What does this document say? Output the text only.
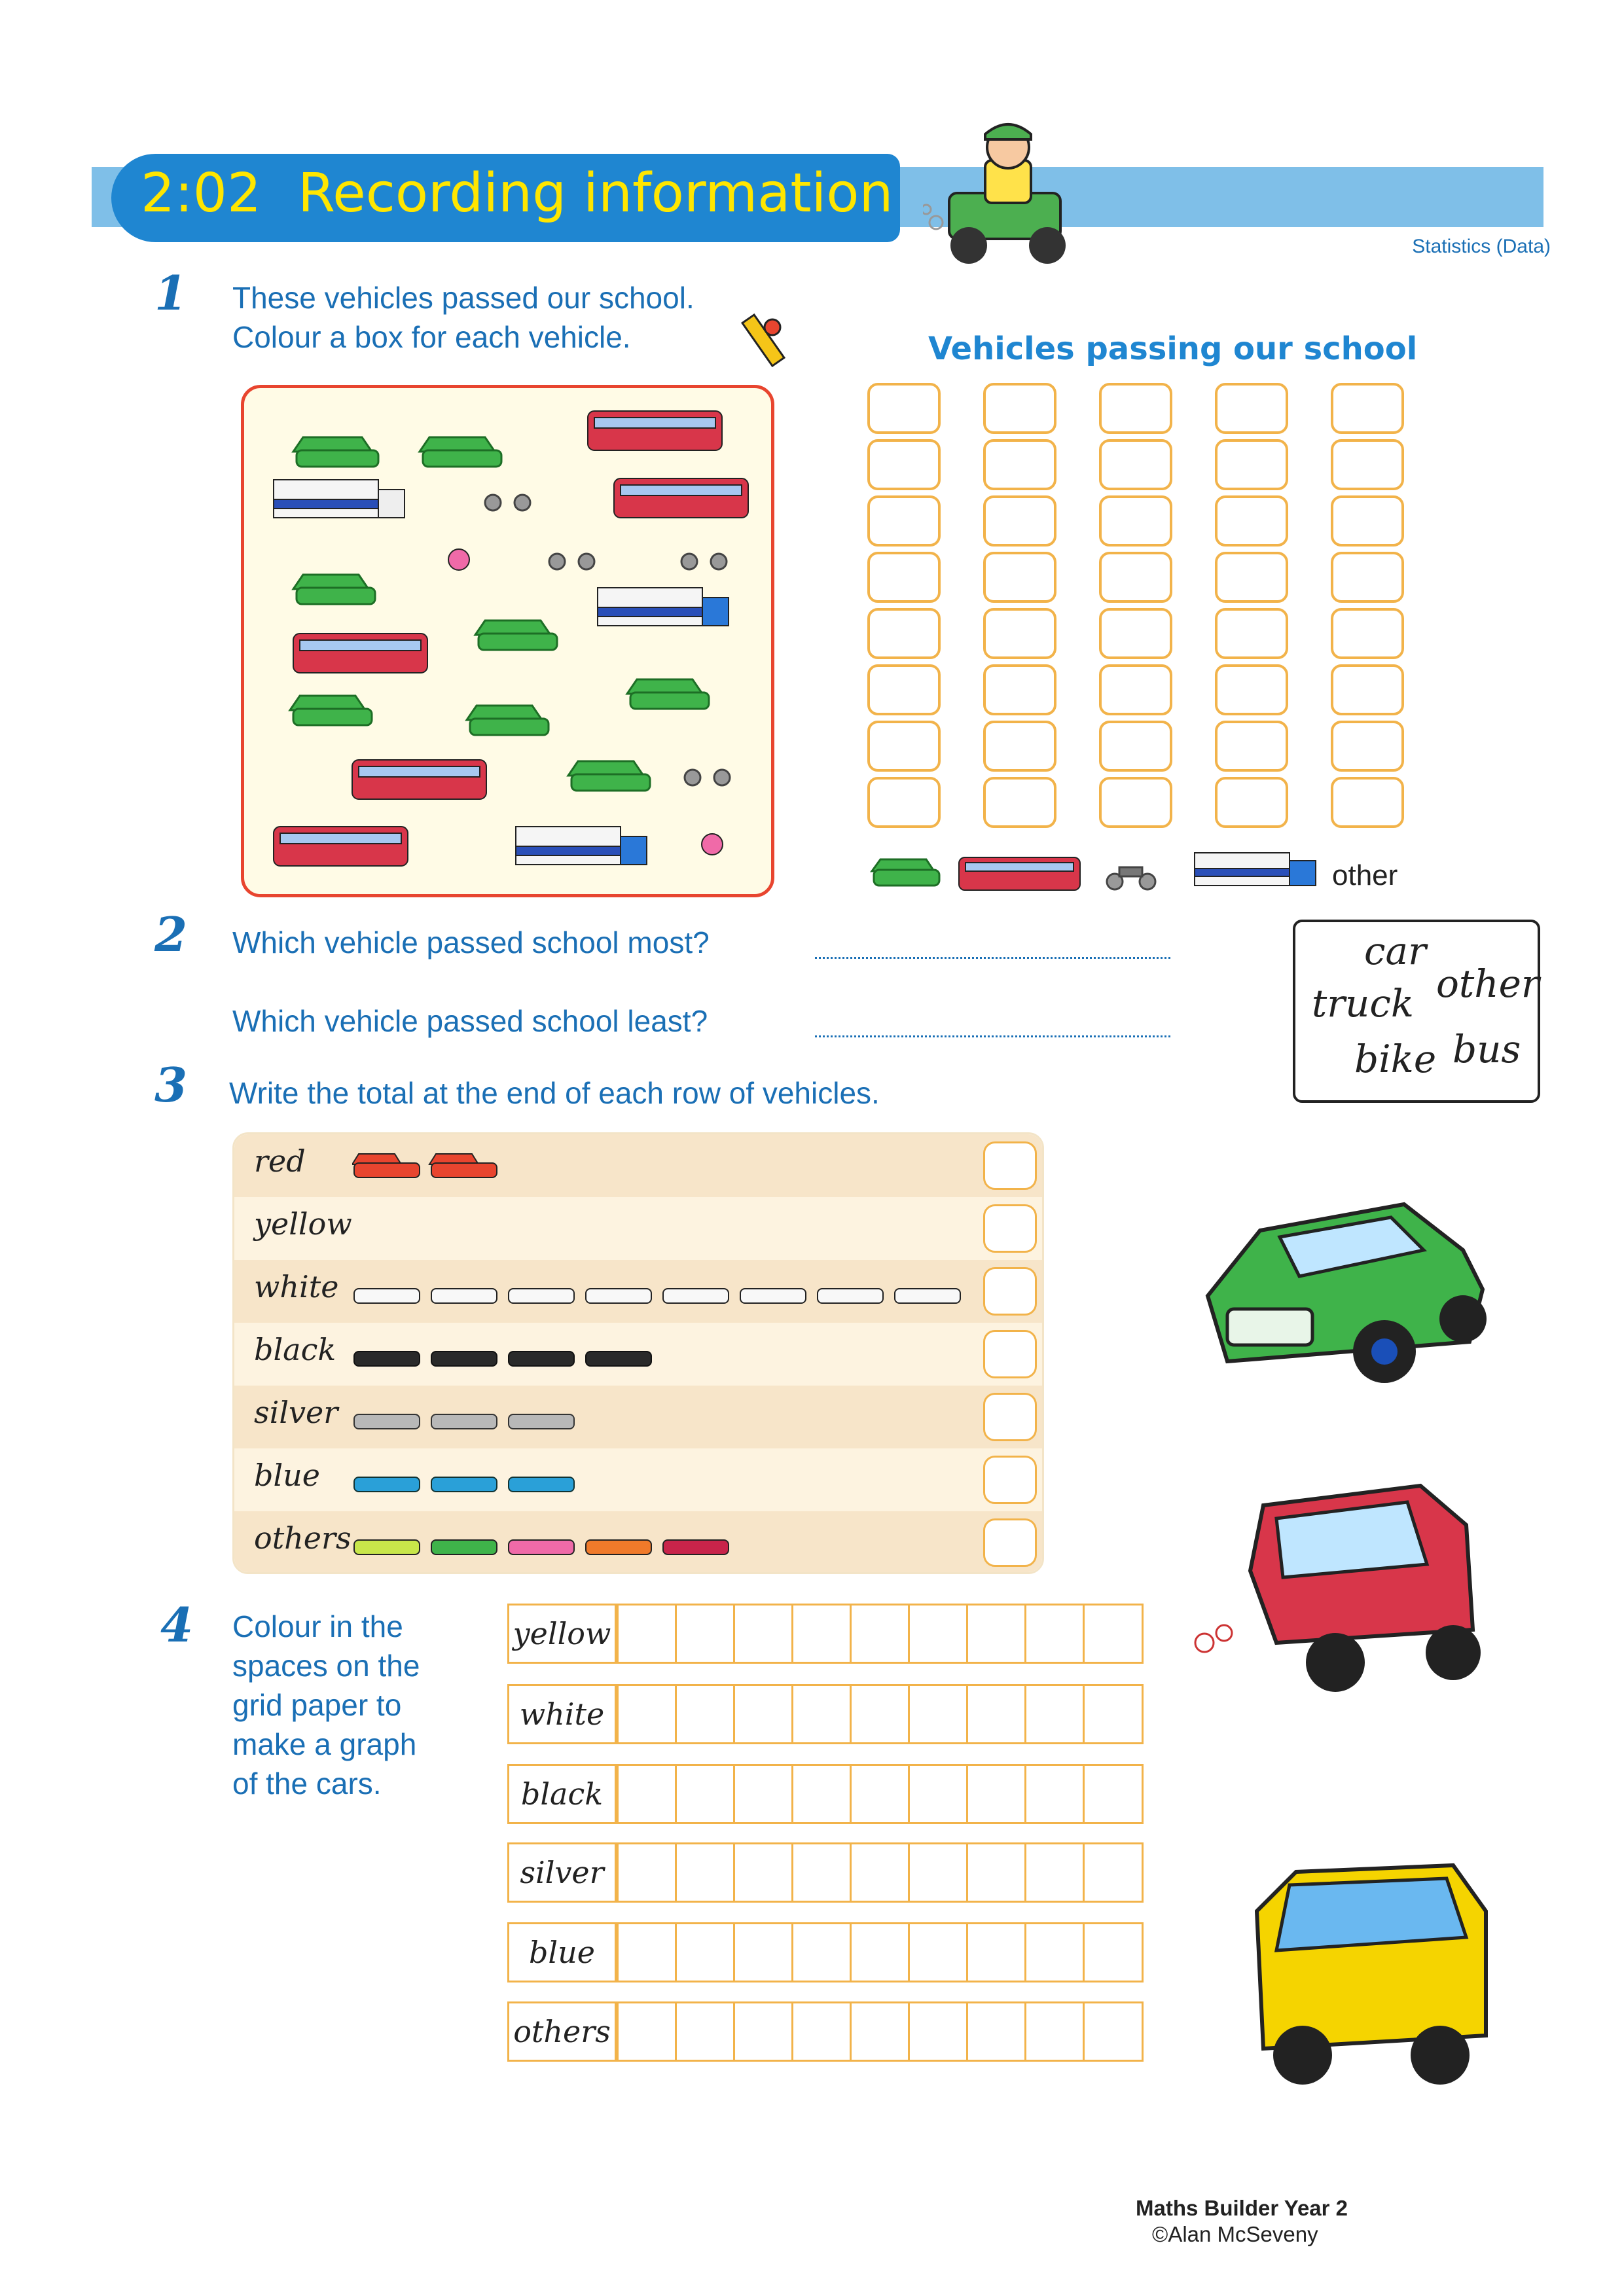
2:02 Recording information
Statistics (Data)
1 These vehicles passed our school.
Colour a box for each vehicle.	Vehicles passing our school
other
2 Which vehicle passed school most?
Which vehicle passed school least?
car
truck other
bike bus
3 Write the total at the end of each row of vehicles.
red
yellow
white
black
silver
blue
others
4 Colour in the
spaces on the
grid paper to
make a graph
of the cars.
yellow
white
black
silver
blue
others
Maths Builder Year 2
©Alan McSeveny
